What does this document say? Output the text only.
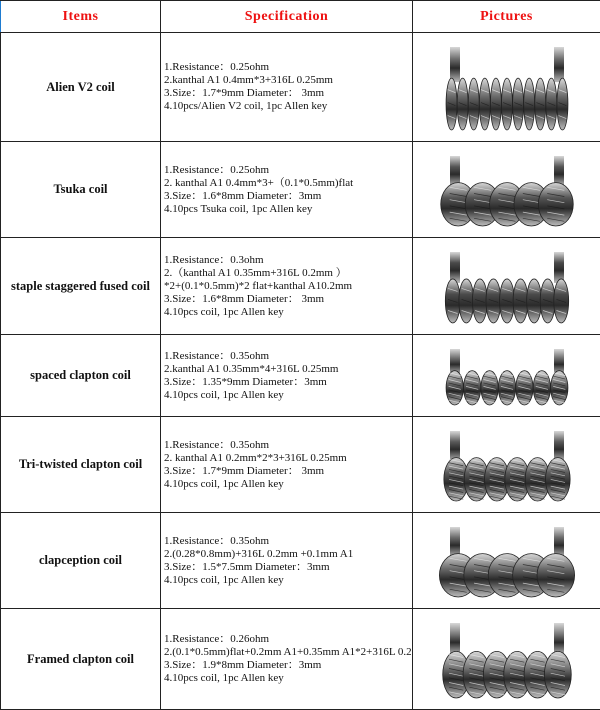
Items	Specification	Pictures
Alien V2 coil	1.Resistance：0.25ohm
2.kanthal A1 0.4mm*3+316L 0.25mm
3.Size：1.7*9mm Diameter： 3mm
4.10pcs/Alien V2 coil, 1pc Allen key

Tsuka coil	1.Resistance：0.25ohm
2. kanthal A1 0.4mm*3+（0.1*0.5mm)flat
3.Size：1.6*8mm Diameter：3mm
4.10pcs Tsuka coil, 1pc Allen key

staple staggered fused coil	1.Resistance：0.3ohm
2.（kanthal A1 0.35mm+316L 0.2mm ）
*2+(0.1*0.5mm)*2 flat+kanthal A10.2mm
3.Size：1.6*8mm Diameter： 3mm
4.10pcs coil, 1pc Allen key

spaced clapton coil	1.Resistance：0.35ohm
2.kanthal A1 0.35mm*4+316L 0.25mm
3.Size：1.35*9mm Diameter：3mm
4.10pcs coil, 1pc Allen key

Tri-twisted clapton coil	1.Resistance：0.35ohm
2. kanthal A1 0.2mm*2*3+316L 0.25mm
3.Size：1.7*9mm Diameter： 3mm
4.10pcs coil, 1pc Allen key

clapception coil	1.Resistance：0.35ohm
2.(0.28*0.8mm)+316L 0.2mm +0.1mm A1
3.Size：1.5*7.5mm Diameter：3mm
4.10pcs coil, 1pc Allen key

Framed clapton coil	1.Resistance：0.26ohm
2.(0.1*0.5mm)flat+0.2mm A1+0.35mm A1*2+316L 0.2
3.Size：1.9*8mm Diameter：3mm
4.10pcs coil, 1pc Allen key
